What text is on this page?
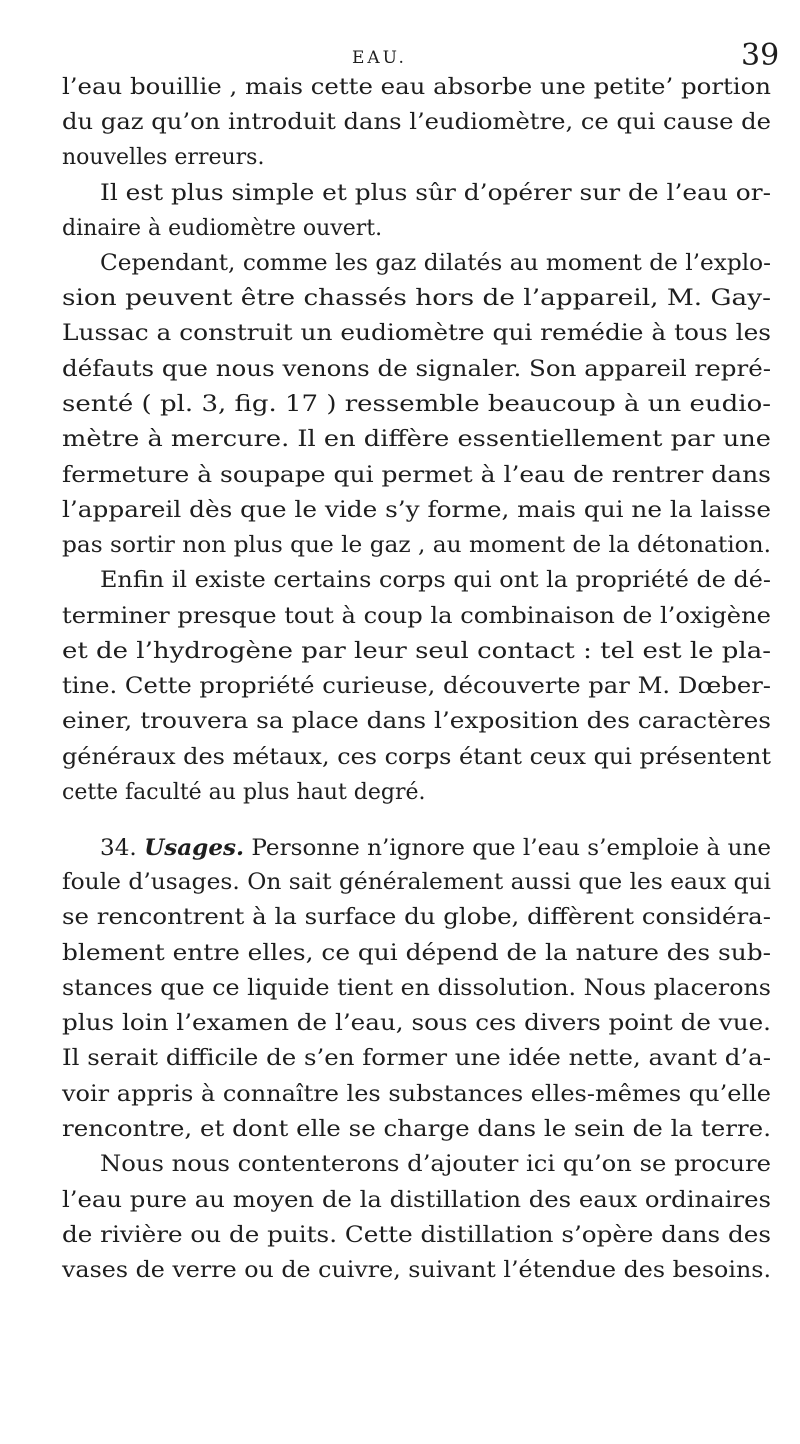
EAU.	39
l’eau bouillie , mais cette eau absorbe une petite’ portion
du gaz qu’on introduit dans l’eudiomètre, ce qui cause de
nouvelles erreurs.
Il est plus simple et plus sûr d’opérer sur de l’eau or-
dinaire à eudiomètre ouvert.
Cependant, comme les gaz dilatés au moment de l’explo-
sion peuvent être chassés hors de l’appareil, M. Gay-
Lussac a construit un eudiomètre qui remédie à tous les
défauts que nous venons de signaler. Son appareil repré-
senté ( pl. 3, fig. 17 ) ressemble beaucoup à un eudio-
mètre à mercure. Il en diffère essentiellement par une
fermeture à soupape qui permet à l’eau de rentrer dans
l’appareil dès que le vide s’y forme, mais qui ne la laisse
pas sortir non plus que le gaz , au moment de la détonation.
Enfin il existe certains corps qui ont la propriété de dé-
terminer presque tout à coup la combinaison de l’oxigène
et de l’hydrogène par leur seul contact : tel est le pla-
tine. Cette propriété curieuse, découverte par M. Dœber-
einer, trouvera sa place dans l’exposition des caractères
généraux des métaux, ces corps étant ceux qui présentent
cette faculté au plus haut degré.
34. Usages. Personne n’ignore que l’eau s’emploie à une
foule d’usages. On sait généralement aussi que les eaux qui
se rencontrent à la surface du globe, diffèrent considéra-
blement entre elles, ce qui dépend de la nature des sub-
stances que ce liquide tient en dissolution. Nous placerons
plus loin l’examen de l’eau, sous ces divers point de vue.
Il serait difficile de s’en former une idée nette, avant d’a-
voir appris à connaître les substances elles-mêmes qu’elle
rencontre, et dont elle se charge dans le sein de la terre.
Nous nous contenterons d’ajouter ici qu’on se procure
l’eau pure au moyen de la distillation des eaux ordinaires
de rivière ou de puits. Cette distillation s’opère dans des
vases de verre ou de cuivre, suivant l’étendue des besoins.
